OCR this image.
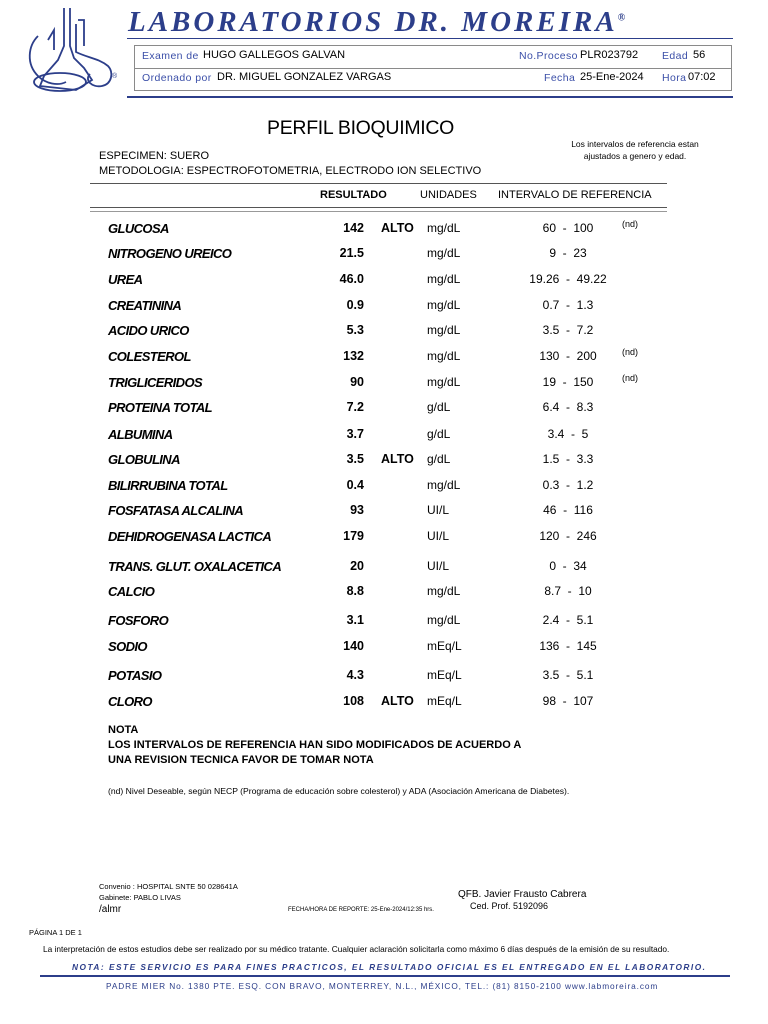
®
LABORATORIOS DR. MOREIRA®
Examen de HUGO GALLEGOS GALVAN	No.Proceso PLR023792 Edad 56
Ordenado por DR. MIGUEL GONZALEZ VARGAS	Fecha 25-Ene-2024 Hora 07:02
PERFIL BIOQUIMICO
Los intervalos de referencia estan
ajustados a genero y edad.
ESPECIMEN: SUERO
METODOLOGIA: ESPECTROFOTOMETRIA, ELECTRODO ION SELECTIVO
RESULTADO	UNIDADES INTERVALO DE REFERENCIA
GLUCOSA	142 ALTO mg/dL	60  -  100	(nd)
NITROGENO UREICO	21.5	mg/dL	9  -  23
UREA	46.0	mg/dL	19.26  -  49.22
CREATININA	0.9	mg/dL	0.7  -  1.3
ACIDO URICO	5.3	mg/dL	3.5  -  7.2
COLESTEROL	132	mg/dL	130  -  200	(nd)
TRIGLICERIDOS	90	mg/dL	19  -  150	(nd)
PROTEINA TOTAL	7.2	g/dL	6.4  -  8.3
ALBUMINA	3.7	g/dL	3.4  -  5
GLOBULINA	3.5 ALTO g/dL	1.5  -  3.3
BILIRRUBINA TOTAL	0.4	mg/dL	0.3  -  1.2
FOSFATASA ALCALINA	93	UI/L	46  -  116
DEHIDROGENASA LACTICA	179	UI/L	120  -  246
TRANS. GLUT. OXALACETICA	20	UI/L	0  -  34
CALCIO	8.8	mg/dL	8.7  -  10
FOSFORO	3.1	mg/dL	2.4  -  5.1
SODIO	140	mEq/L	136  -  145
POTASIO	4.3	mEq/L	3.5  -  5.1
CLORO	108 ALTO mEq/L	98  -  107
NOTA
LOS INTERVALOS DE REFERENCIA HAN SIDO MODIFICADOS DE ACUERDO A
UNA REVISION TECNICA FAVOR DE TOMAR NOTA
(nd) Nivel Deseable, según NECP (Programa de educación sobre colesterol) y ADA (Asociación Americana de Diabetes).
Convenio : HOSPITAL SNTE 50 028641A
Gabinete: PABLO LIVAS
/almr	FECHA/HORA DE REPORTE: 25-Ene-2024/12:35 hrs.
QFB. Javier Frausto Cabrera
Ced. Prof. 5192096
PÁGINA 1 DE 1
La interpretación de estos estudios debe ser realizado por su médico tratante. Cualquier aclaración solicitarla como máximo 6 días después de la emisión de su resultado.
NOTA: ESTE SERVICIO ES PARA FINES PRACTICOS, EL RESULTADO OFICIAL ES EL ENTREGADO EN EL LABORATORIO.
PADRE MIER No. 1380 PTE. ESQ. CON BRAVO, MONTERREY, N.L., MÉXICO, TEL.: (81) 8150-2100 www.labmoreira.com
